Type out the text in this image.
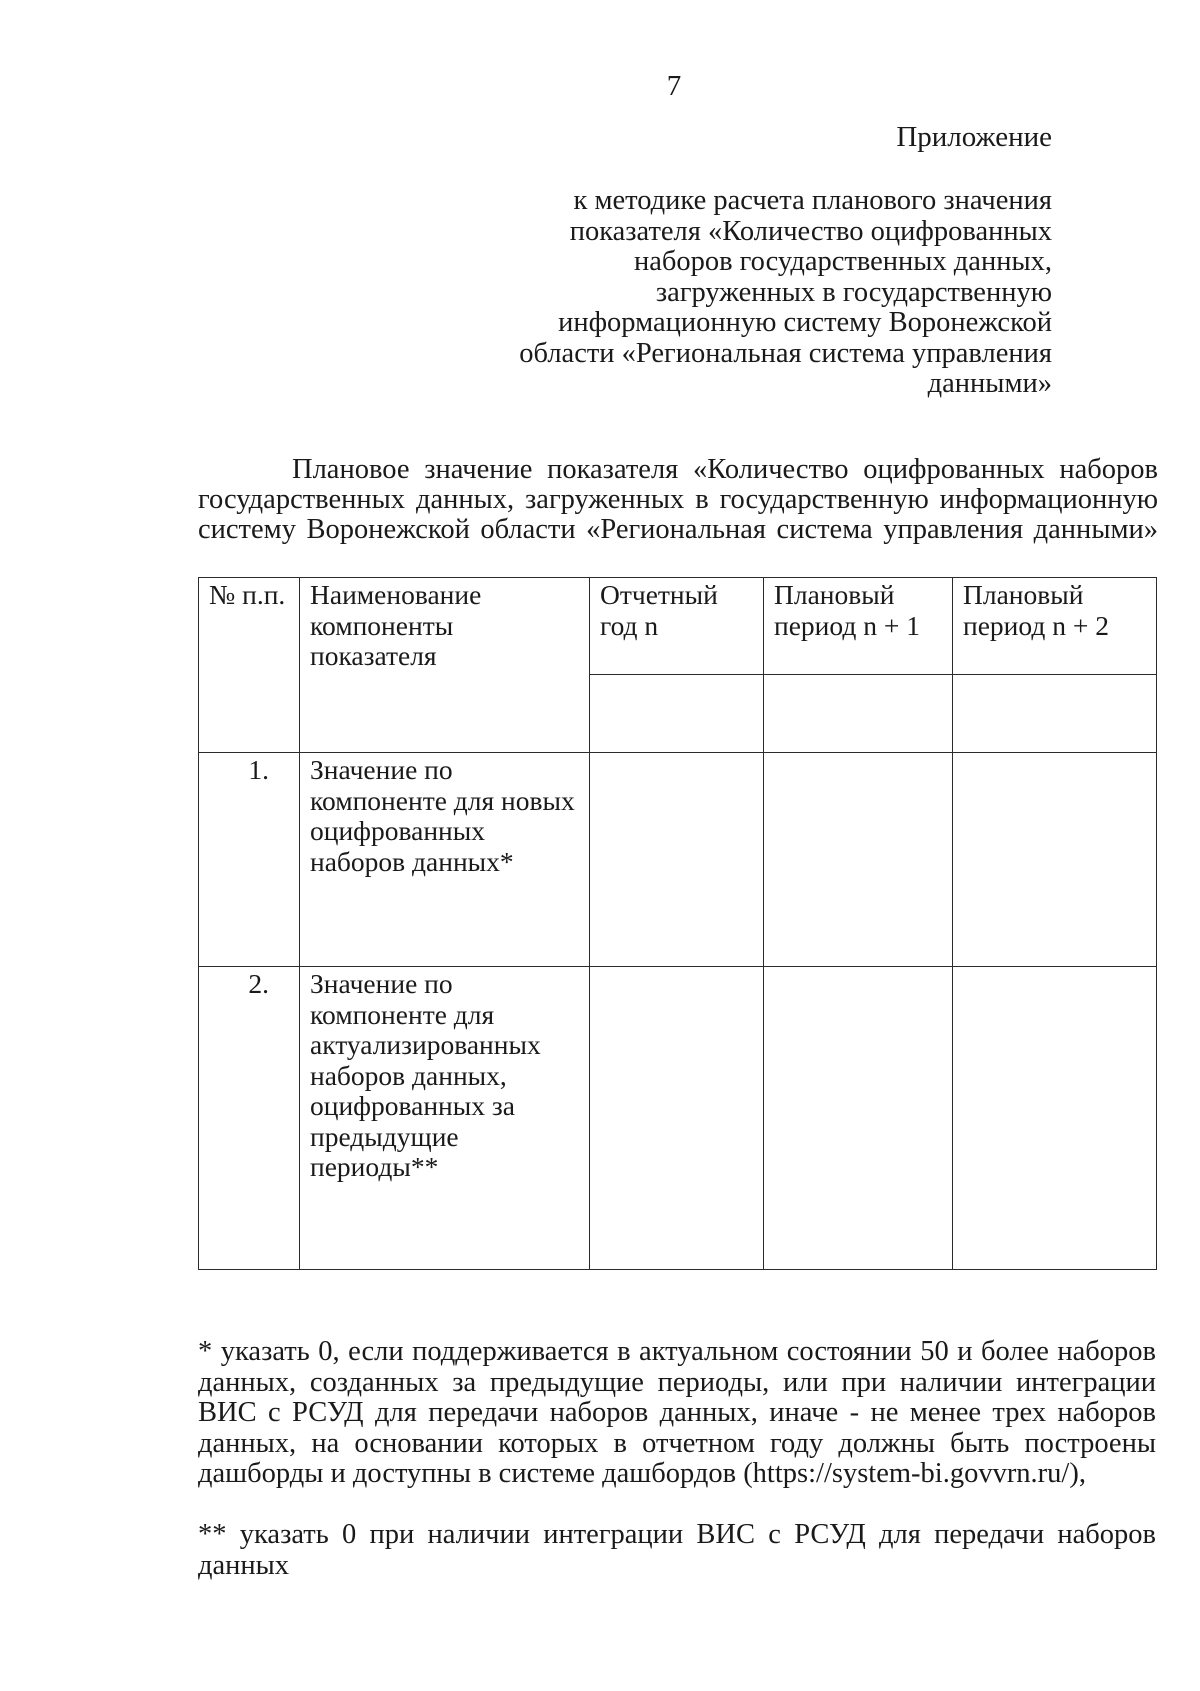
7
Приложение
к методике расчета планового значения показателя «Количество оцифрованных наборов государственных данных, загруженных в государственную информационную систему Воронежской области «Региональная система управления данными»
Плановое значение показателя «Количество оцифрованных наборов
государственных данных, загруженных в государственную информационную
систему Воронежской области «Региональная система управления данными»
№ п.п.	Наименование компоненты показателя	Отчетный год n	Плановый период n + 1	Плановый период n + 2

1.	Значение по компоненте для новых оцифрованных наборов данных*			
2.	Значение по компоненте для актуализированных наборов данных, оцифрованных за предыдущие периоды**			
* указать 0, если поддерживается в актуальном состоянии 50 и более наборов данных, созданных за предыдущие периоды, или при наличии интеграции ВИС с РСУД для передачи наборов данных, иначе - не менее трех наборов данных, на основании которых в отчетном году должны быть построены дашборды и доступны в системе дашбордов (https://system-bi.govvrn.ru/),
** указать 0 при наличии интеграции ВИС с РСУД для передачи наборов данных
